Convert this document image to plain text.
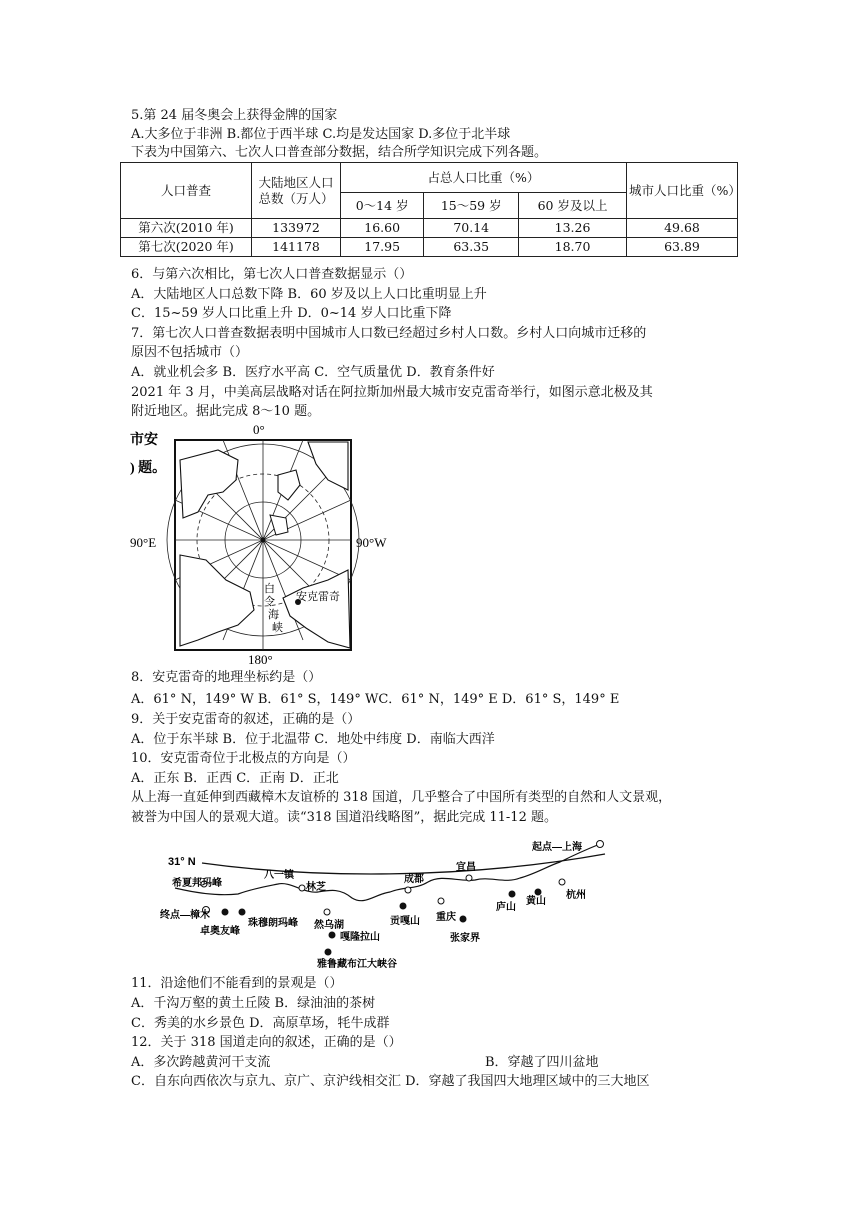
5.第 24 届冬奥会上获得金牌的国家
A.大多位于非洲 B.都位于西半球 C.均是发达国家 D.多位于北半球
下表为中国第六、七次人口普查部分数据，结合所学知识完成下列各题。
人口普查	大陆地区人口总数（万人）	占总人口比重（%）			城市人口比重（%）
		0～14 岁	15～59 岁	60 岁及以上	
第六次(2010 年)	133972	16.60	70.14	13.26	49.68
第七次(2020 年)	141178	17.95	63.35	18.70	63.89
6．与第六次相比，第七次人口普查数据显示（）
A．大陆地区人口总数下降 B．60 岁及以上人口比重明显上升
C．15~59 岁人口比重上升 D．0~14 岁人口比重下降
7．第七次人口普查数据表明中国城市人口数已经超过乡村人口数。乡村人口向城市迁移的
原因不包括城市（）
A．就业机会多 B．医疗水平高 C．空气质量优 D．教育条件好
2021 年 3 月，中美高层战略对话在阿拉斯加州最大城市安克雷奇举行，如图示意北极及其
附近地区。据此完成 8～10 题。
市安
) 题。
0°
安克雷奇
白
令
海
峡
90°E	90°W
180°
8．安克雷奇的地理坐标约是（）
A．61° N，149° W B．61° S，149° WC．61° N，149° E D．61° S，149° E
9．关于安克雷奇的叙述，正确的是（）
A．位于东半球 B．位于北温带 C．地处中纬度 D．南临大西洋
10．安克雷奇位于北极点的方向是（）
A．正东 B．正西 C．正南 D．正北
从上海一直延伸到西藏樟木友谊桥的 318 国道，几乎整合了中国所有类型的自然和人文景观，
被誉为中国人的景观大道。读“318 国道沿线略图”，据此完成 11-12 题。
31° N
起点—上海
终点—樟木
希夏邦玛峰
卓奥友峰
珠穆朗玛峰
八一镇
林芝
然乌湖
嘎隆拉山
雅鲁藏布江大峡谷
成都
贡嘎山 重庆
张家界
宜昌
庐山
黄山
杭州
11．沿途他们不能看到的景观是（）
A．千沟万壑的黄土丘陵 B．绿油油的茶树
C．秀美的水乡景色 D．高原草场，牦牛成群
12．关于 318 国道走向的叙述，正确的是（）
A．多次跨越黄河干支流	B．穿越了四川盆地
C．自东向西依次与京九、京广、京沪线相交汇 D．穿越了我国四大地理区域中的三大地区
